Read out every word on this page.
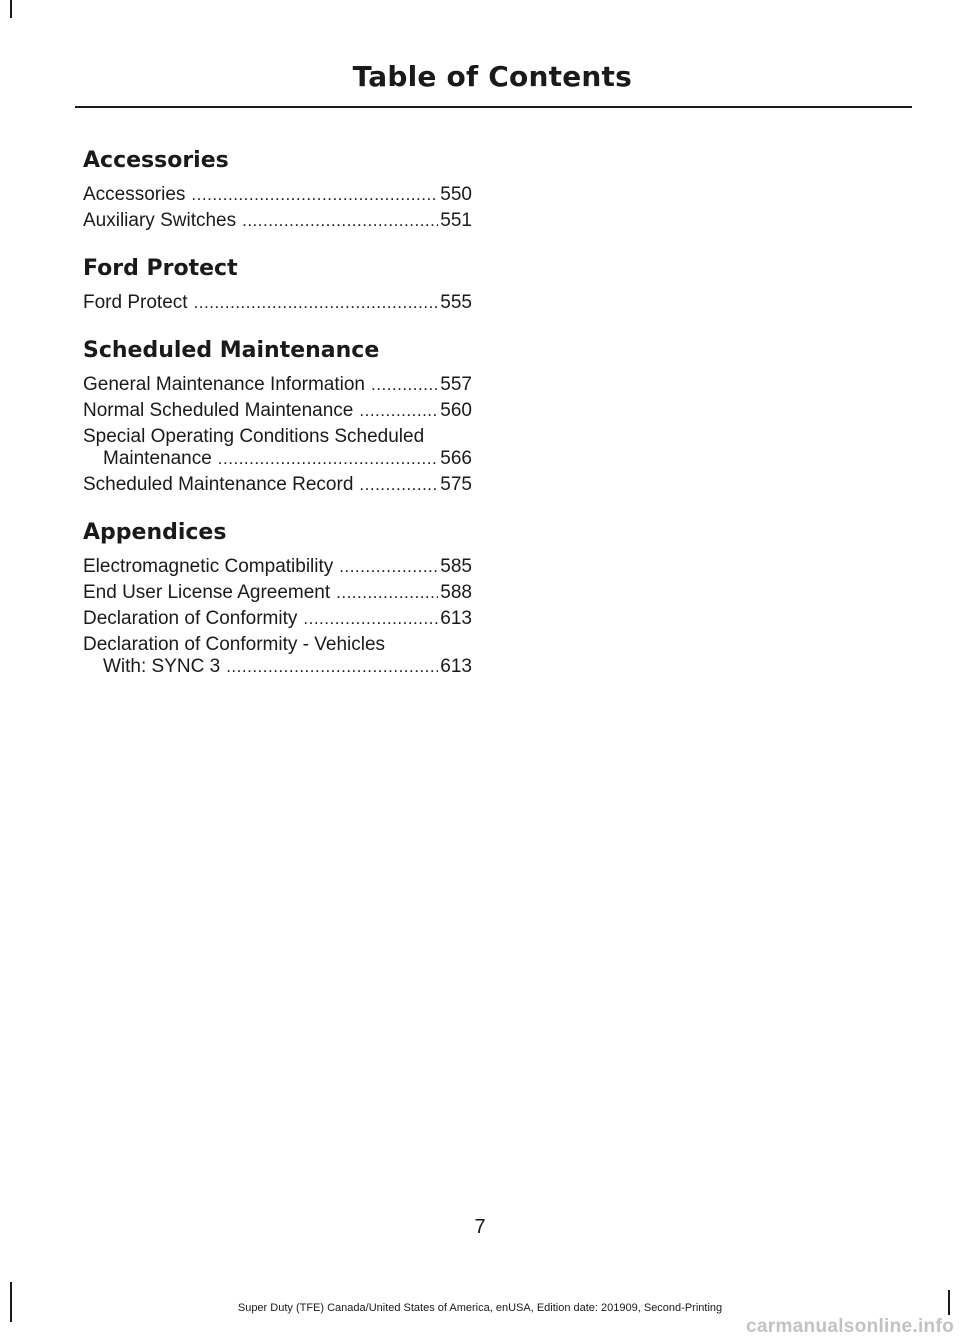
Table of Contents
Accessories
Accessories .....	550
Auxiliary Switches .....	551
Ford Protect
Ford Protect .....	555
Scheduled Maintenance
General Maintenance Information .....	557
Normal Scheduled Maintenance .....	560
Special Operating Conditions Scheduled
Maintenance .....	566
Scheduled Maintenance Record .....	575
Appendices
Electromagnetic Compatibility .....	585
End User License Agreement .....	588
Declaration of Conformity .....	613
Declaration of Conformity - Vehicles
With: SYNC 3 .....	613
7
Super Duty (TFE) Canada/United States of America, enUSA, Edition date: 201909, Second-Printing
carmanualsonline.info
